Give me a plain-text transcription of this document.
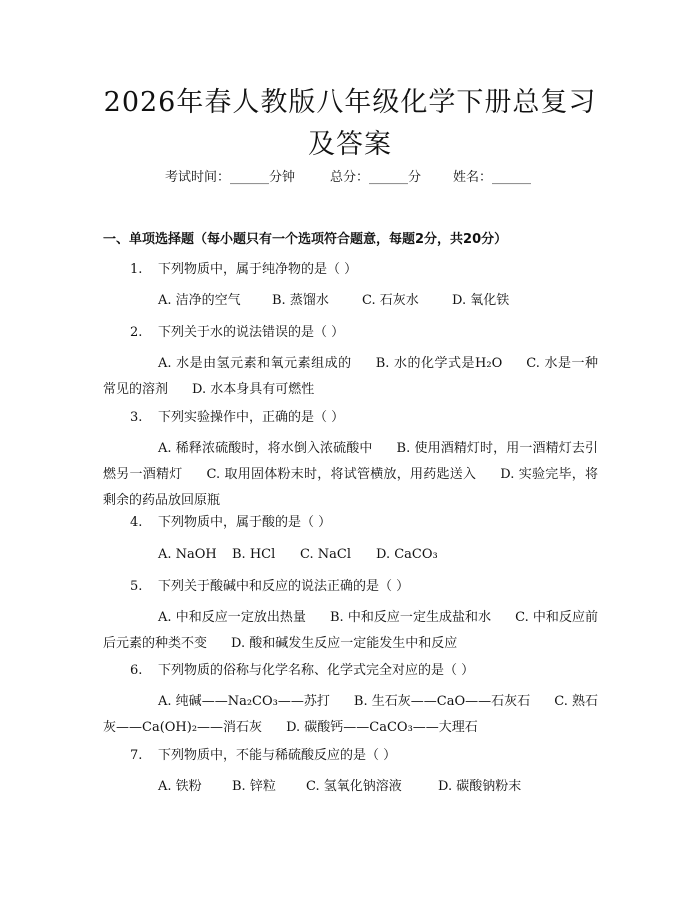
2026年春人教版八年级化学下册总复习及答案
考试时间：______分钟	总分：______分 姓名：______
一、单项选择题（每小题只有一个选项符合题意，每题2分，共20分）
1. 下列物质中，属于纯净物的是（ ）
A. 洁净的空气 B. 蒸馏水	C. 石灰水	D. 氧化铁
2. 下列关于水的说法错误的是（ ）
A. 水是由氢元素和氧元素组成的 B. 水的化学式是H₂O C. 水是一种常见的溶剂 D. 水本身具有可燃性
3. 下列实验操作中，正确的是（ ）
A. 稀释浓硫酸时，将水倒入浓硫酸中 B. 使用酒精灯时，用一酒精灯去引燃另一酒精灯 C. 取用固体粉末时，将试管横放，用药匙送入 D. 实验完毕，将剩余的药品放回原瓶
4. 下列物质中，属于酸的是（ ）
A. NaOH B. HCl C. NaCl D. CaCO₃
5. 下列关于酸碱中和反应的说法正确的是（ ）
A. 中和反应一定放出热量 B. 中和反应一定生成盐和水 C. 中和反应前后元素的种类不变 D. 酸和碱发生反应一定能发生中和反应
6. 下列物质的俗称与化学名称、化学式完全对应的是（ ）
A. 纯碱——Na₂CO₃——苏打 B. 生石灰——CaO——石灰石 C. 熟石灰——Ca(OH)₂——消石灰 D. 碳酸钙——CaCO₃——大理石
7. 下列物质中，不能与稀硫酸反应的是（ ）
A. 铁粉 B. 锌粒 C. 氢氧化钠溶液	D. 碳酸钠粉末
